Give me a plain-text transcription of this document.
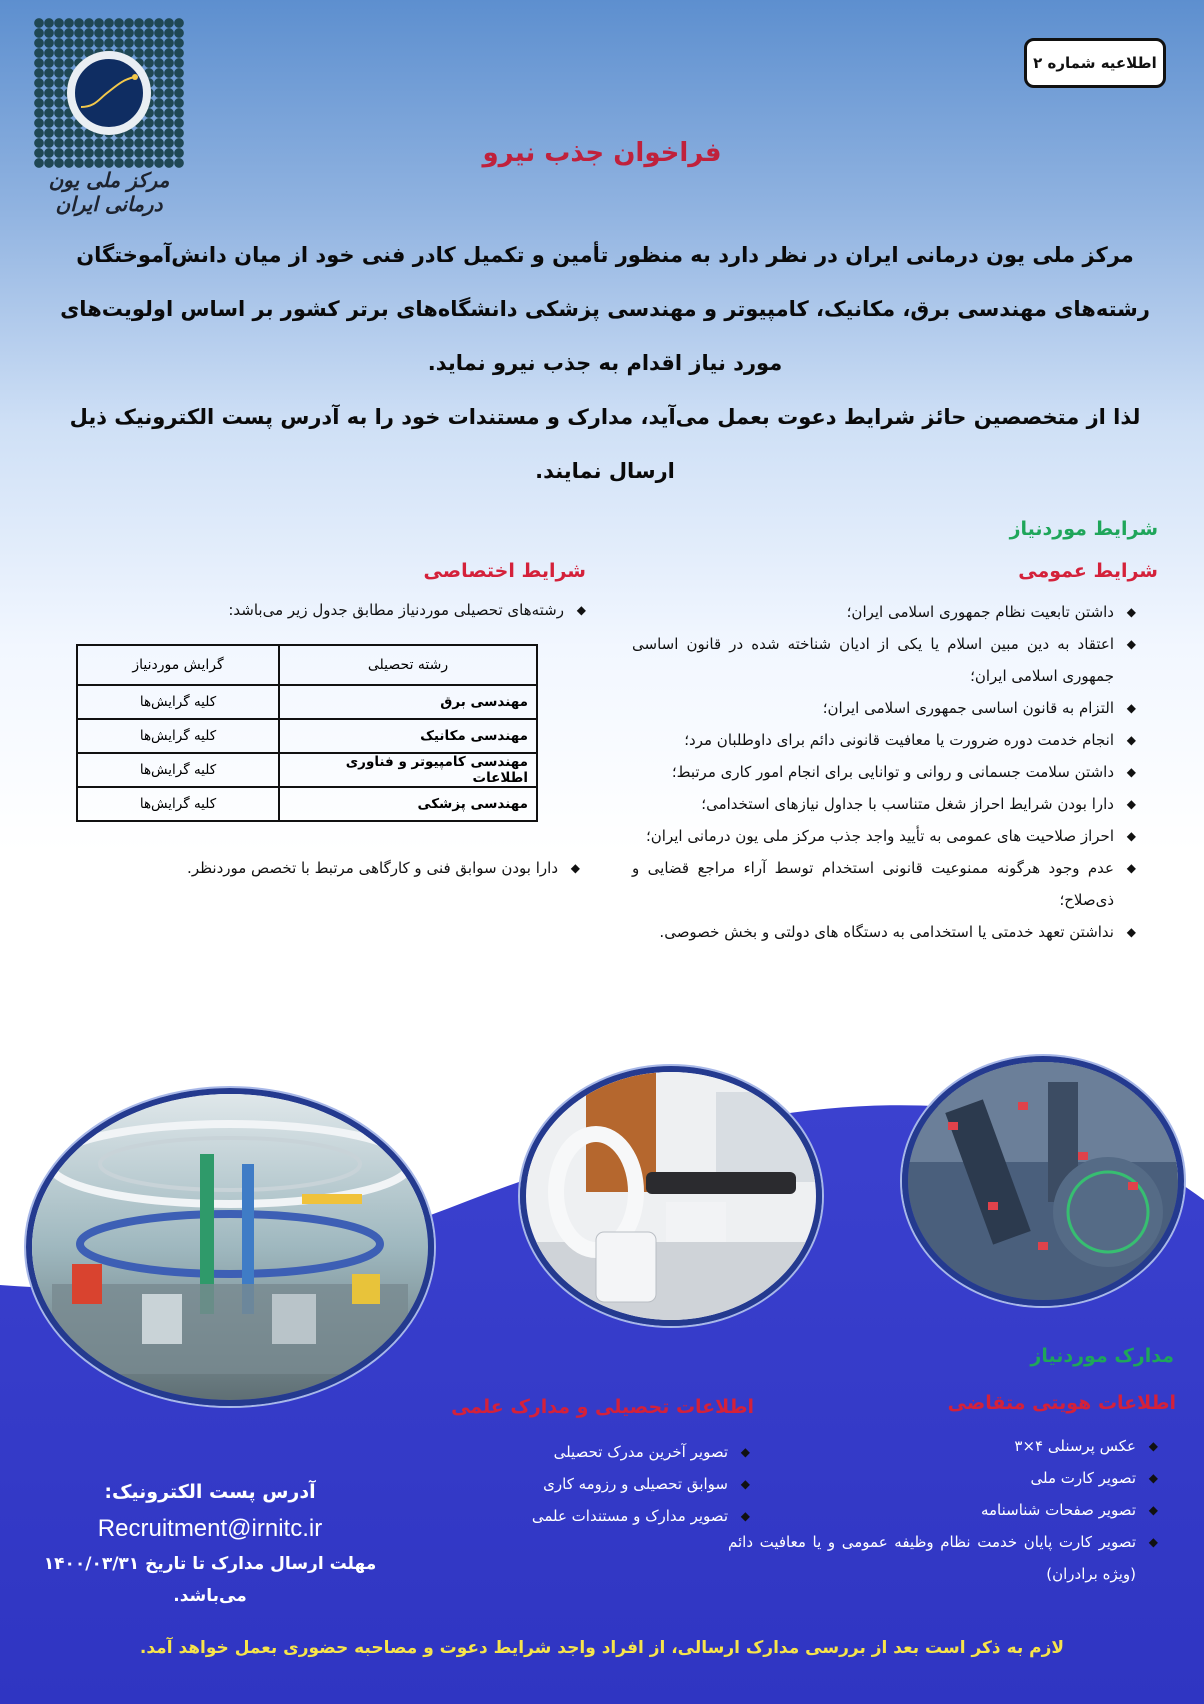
مرکز ملی یون درمانی ایران
اطلاعیه شماره ۲
فراخوان جذب نیرو

مرکز ملی یون درمانی ایران در نظر دارد به منظور تأمین و تکمیل کادر فنی خود از میان دانش‌آموختگان رشته‌های مهندسی برق، مکانیک، کامپیوتر و مهندسی پزشکی دانشگاه‌های برتر کشور بر اساس اولویت‌های مورد نیاز اقدام به جذب نیرو نماید.

لذا از متخصصین حائز شرایط دعوت بعمل می‌آید، مدارک و مستندات خود را به آدرس پست الکترونیک ذیل ارسال نمایند.

شرایط موردنیاز
شرایط عمومی
◆ داشتن تابعیت نظام جمهوری اسلامی ایران؛
◆ اعتقاد به دین مبین اسلام یا یکی از ادیان شناخته شده در قانون اساسی جمهوری اسلامی ایران؛
◆ التزام به قانون اساسی جمهوری اسلامی ایران؛
◆ انجام خدمت دوره ضرورت یا معافیت قانونی دائم برای داوطلبان مرد؛
◆ داشتن سلامت جسمانی و روانی و توانایی برای انجام امور کاری مرتبط؛
◆ دارا بودن شرایط احراز شغل متناسب با جداول نیازهای استخدامی؛
◆ احراز صلاحیت های عمومی به تأیید واجد جذب مرکز ملی یون درمانی ایران؛
◆ عدم وجود هرگونه ممنوعیت قانونی استخدام توسط آراء مراجع قضایی و ذی‌صلاح؛
◆ نداشتن تعهد خدمتی یا استخدامی به دستگاه های دولتی و بخش خصوصی.
شرایط اختصاصی
◆ رشته‌های تحصیلی موردنیاز مطابق جدول زیر می‌باشد:
رشته تحصیلی	گرایش موردنیاز
مهندسی برق	کلیه گرایش‌ها
مهندسی مکانیک	کلیه گرایش‌ها
مهندسی کامپیوتر و فناوری اطلاعات	کلیه گرایش‌ها
مهندسی پزشکی	کلیه گرایش‌ها
◆ دارا بودن سوابق فنی و کارگاهی مرتبط با تخصص موردنظر.
مدارک موردنیاز
اطلاعات هویتی متقاضی
◆ عکس پرسنلی ۴×۳
◆ تصویر کارت ملی
◆ تصویر صفحات شناسنامه
◆ تصویر کارت پایان خدمت نظام وظیفه عمومی و یا معافیت دائم (ویژه برادران)
اطلاعات تحصیلی و مدارک علمی
◆ تصویر آخرین مدرک تحصیلی
◆ سوابق تحصیلی و رزومه کاری
◆ تصویر مدارک و مستندات علمی
آدرس پست الکترونیک:
Recruitment@irnitc.ir
مهلت ارسال مدارک تا تاریخ ۱۴۰۰/۰۳/۳۱ می‌باشد.
لازم به ذکر است بعد از بررسی مدارک ارسالی، از افراد واجد شرایط دعوت و مصاحبه حضوری بعمل خواهد آمد.
